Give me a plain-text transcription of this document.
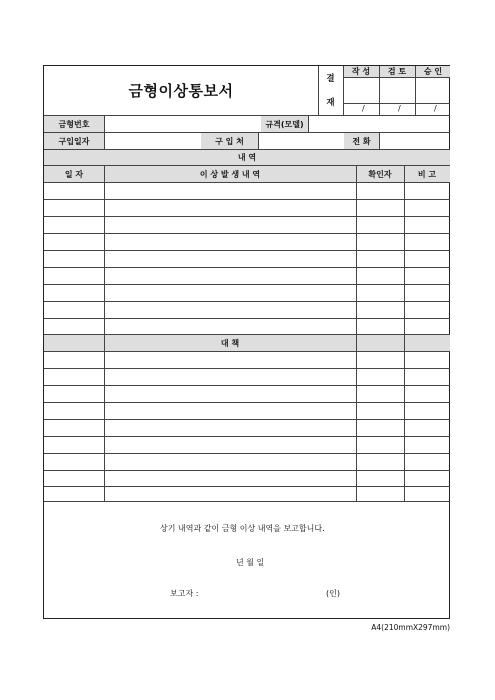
금형이상통보서
결
재
작 성	검 토	승 인
/	/	/
금형번호	규격(모델)
구입일자	구 입 처	전 화
내 역
일 자	이 상 발 생 내 역	확인자	비 고
대 책
상기 내역과 같이 금형 이상 내역을 보고합니다.
년 월 일
보고자 :	(인)
A4(210mmX297mm)
